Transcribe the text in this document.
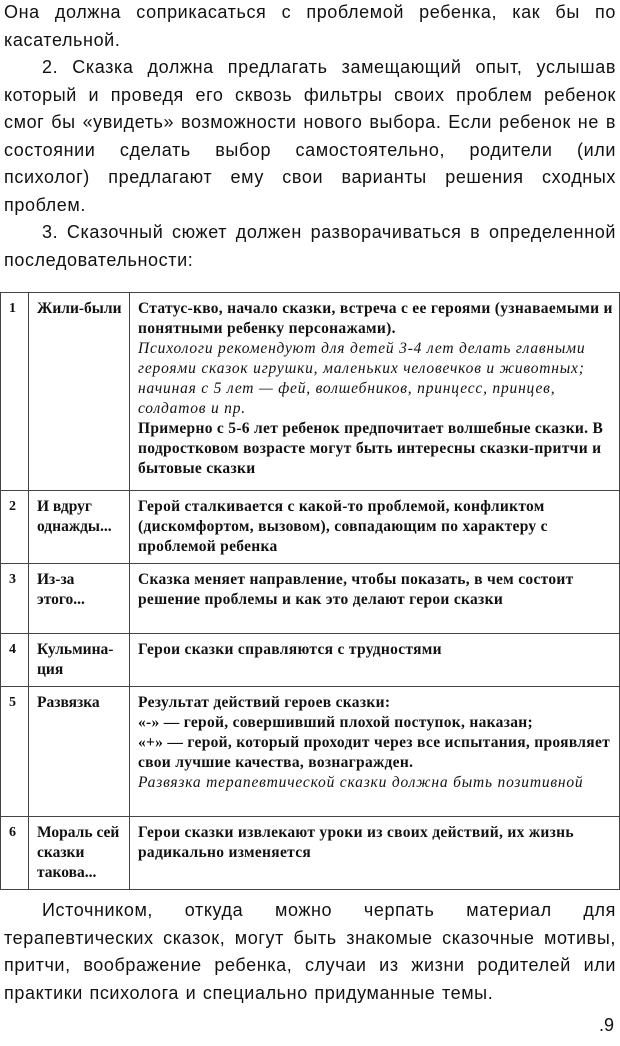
Она должна соприкасаться с проблемой ребенка, как бы по касательной.

2. Сказка должна предлагать замещающий опыт, услышав который и проведя его сквозь фильтры своих проблем ребенок смог бы «увидеть» возможности нового выбора. Если ребенок не в состоянии сделать выбор самостоятельно, родители (или психолог) предлагают ему свои варианты решения сходных проблем.

3. Сказочный сюжет должен разворачиваться в определенной последовательности:

1	Жили-были	Статус-кво, начало сказки, встреча с ее героями (узнаваемыми и понятными ребенку персонажами).
Психологи рекомендуют для детей 3-4 лет делать главными героями сказок игрушки, маленьких человечков и животных; начиная с 5 лет — фей, волшебников, принцесс, принцев, солдатов и пр.
Примерно с 5-6 лет ребенок предпочитает волшебные сказки. В подростковом возрасте могут быть интересны сказки-притчи и бытовые сказки

2	И вдруг однажды...	Герой сталкивается с какой-то проблемой, конфликтом (дискомфортом, вызовом), совпадающим по характеру с проблемой ребенка
3	Из-за этого...	Сказка меняет направление, чтобы показать, в чем состоит решение проблемы и как это делают герои сказки
4	Кульмина-ция	Герои сказки справляются с трудностями
5	Развязка	Результат действий героев сказки:
«-» — герой, совершивший плохой поступок, наказан;
«+» — герой, который проходит через все испытания, проявляет свои лучшие качества, вознагражден.
Развязка терапевтической сказки должна быть позитивной

6	Мораль сей сказки такова...	Герои сказки извлекают уроки из своих действий, их жизнь радикально изменяется

Источником, откуда можно черпать материал для терапевтических сказок, могут быть знакомые сказочные мотивы, притчи, воображение ребенка, случаи из жизни родителей или практики психолога и специально придуманные темы.

.9
